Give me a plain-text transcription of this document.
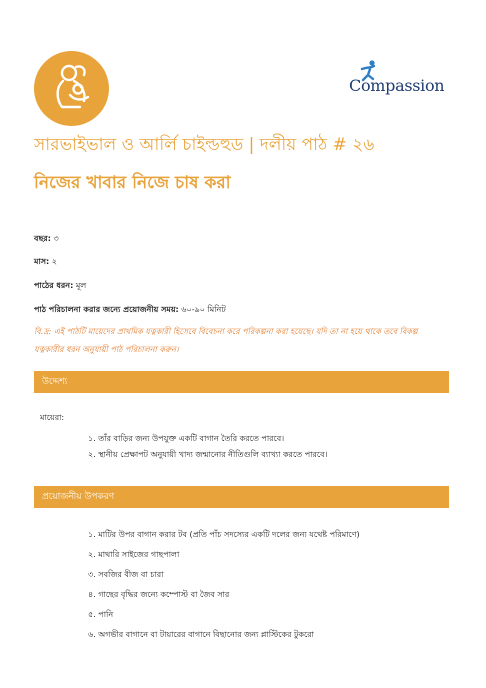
Compassion
সারভাইভাল ও আর্লি চাইল্ডহুড | দলীয় পাঠ # ২৬
নিজের খাবার নিজে চাষ করা
বছর: ৩
মাস: ২
পাঠের ধরন: মূল
পাঠ পরিচালনা করার জন্যে প্রয়োজনীয় সময়: ৬০-৯০ মিনিট
বি.দ্র: এই পাঠটি মায়েদের প্রাথমিক যত্নকারী হিসেবে বিবেচনা করে পরিকল্পনা করা হয়েছে। যদি তা না হয়ে থাকে তবে বিকল্প যত্নকারীর ধরন অনুযায়ী পাঠ পরিচালনা করুন।
উদ্দেশ্য
মায়েরা:
১. তাঁর বাড়ির জন্য উপযুক্ত একটি বাগান তৈরি করতে পারবে।
২. স্থানীয় প্রেক্ষাপট অনুযায়ী খাদ্য জন্মানোর নীতিগুলি ব্যাখ্যা করতে পারবে।
প্রয়োজনীয় উপকরণ
১. মাটির উপর বাগান করার টব (প্রতি পাঁচ সদস্যের একটি দলের জন্য যথেষ্ট পরিমাণে)
২. মাথারি সাইজের গাছপালা
৩. সবজির বীজ বা চারা
৪. গাছের বৃদ্ধির জন্যে কম্পোস্ট বা জৈব সার
৫. পানি
৬. অগভীর বাগানে বা টায়ারের বাগানে বিছানোর জন্য প্লাস্টিকের টুকরো
